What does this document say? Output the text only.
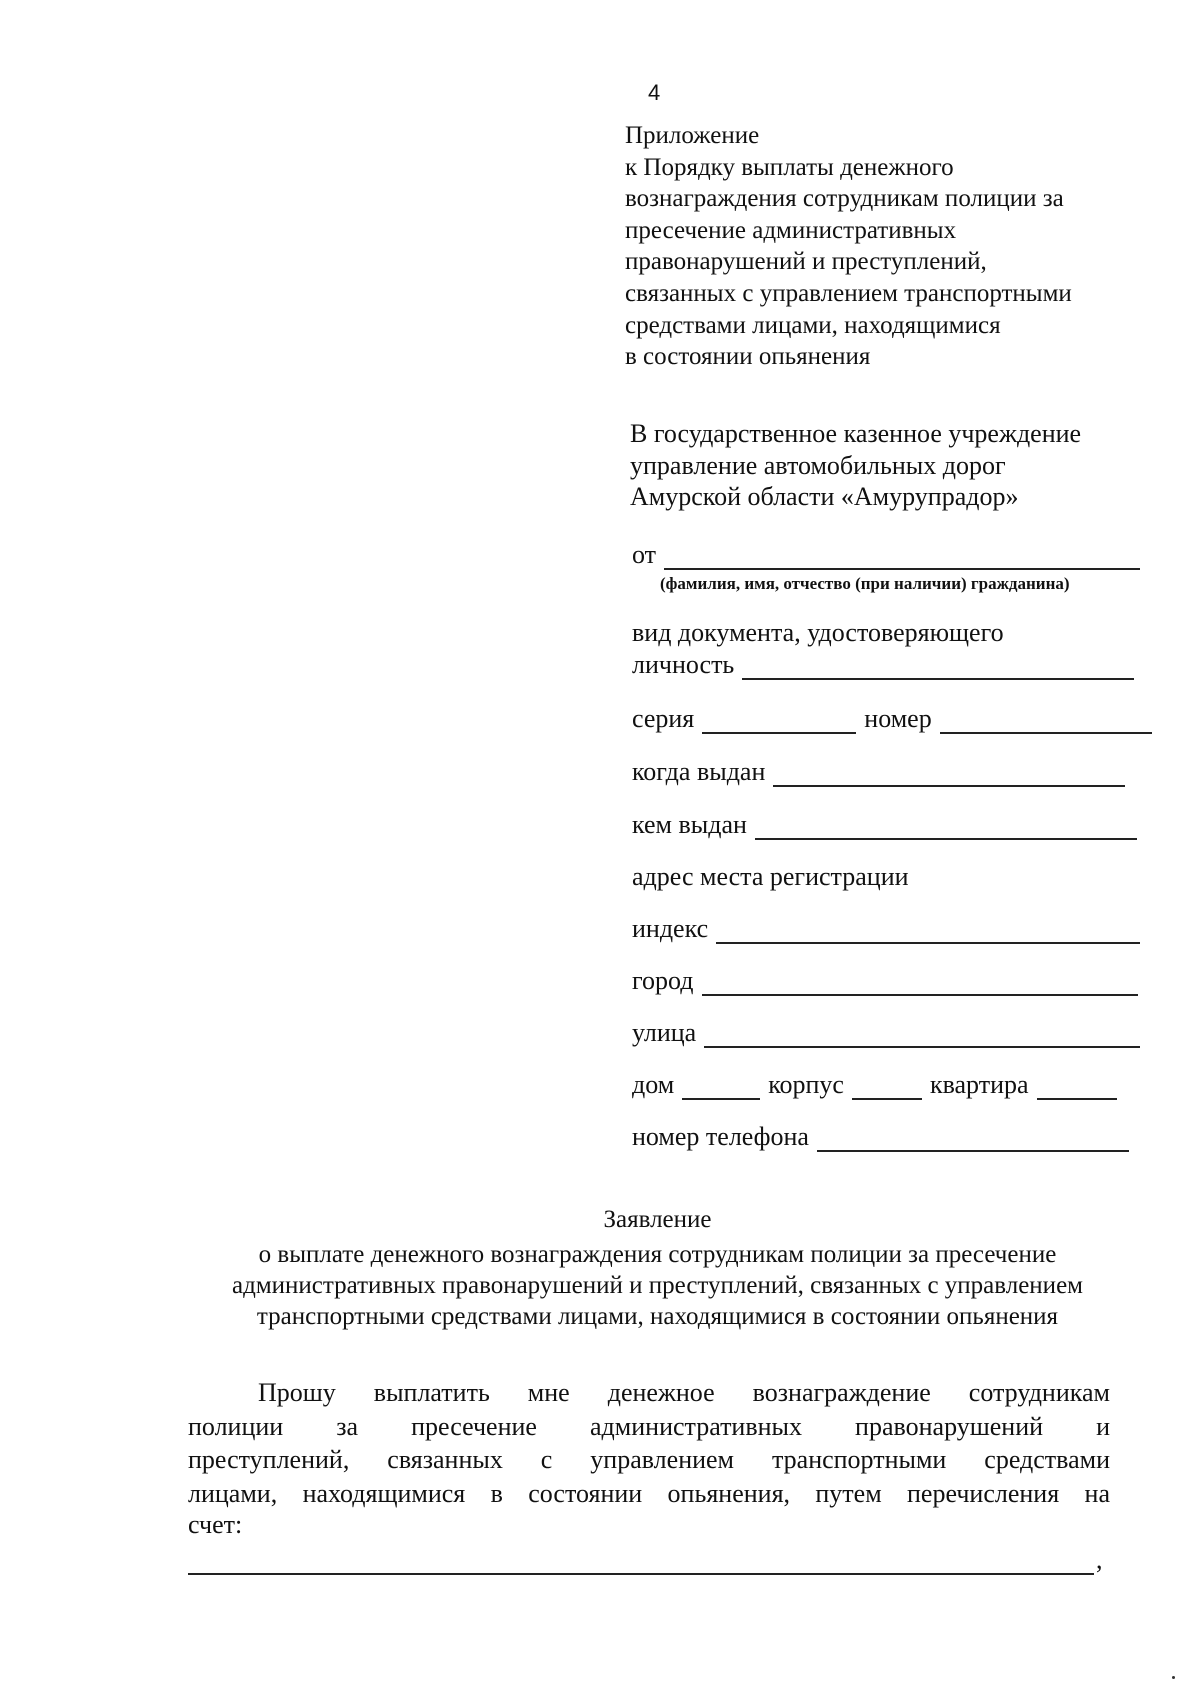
4
Приложение
к Порядку выплаты денежного
вознаграждения сотрудникам полиции за
пресечение административных
правонарушений и преступлений,
связанных с управлением транспортными
средствами лицами, находящимися
в состоянии опьянения
В государственное казенное учреждение
управление автомобильных дорог
Амурской области «Амурупрадор»
от
(фамилия, имя, отчество (при наличии) гражданина)
вид документа, удостоверяющего
личность
серия	номер
когда выдан
кем выдан
адрес места регистрации
индекс
город
улица
дом	корпус	квартира
номер телефона
Заявление
о выплате денежного вознаграждения сотрудникам полиции за пресечение
административных правонарушений и преступлений, связанных с управлением
транспортными средствами лицами, находящимися в состоянии опьянения
Прошу выплатить мне денежное вознаграждение сотрудникам
полиции за пресечение административных правонарушений и
преступлений, связанных с управлением транспортными средствами
лицами, находящимися в состоянии опьянения, путем перечисления на
счет:
,
